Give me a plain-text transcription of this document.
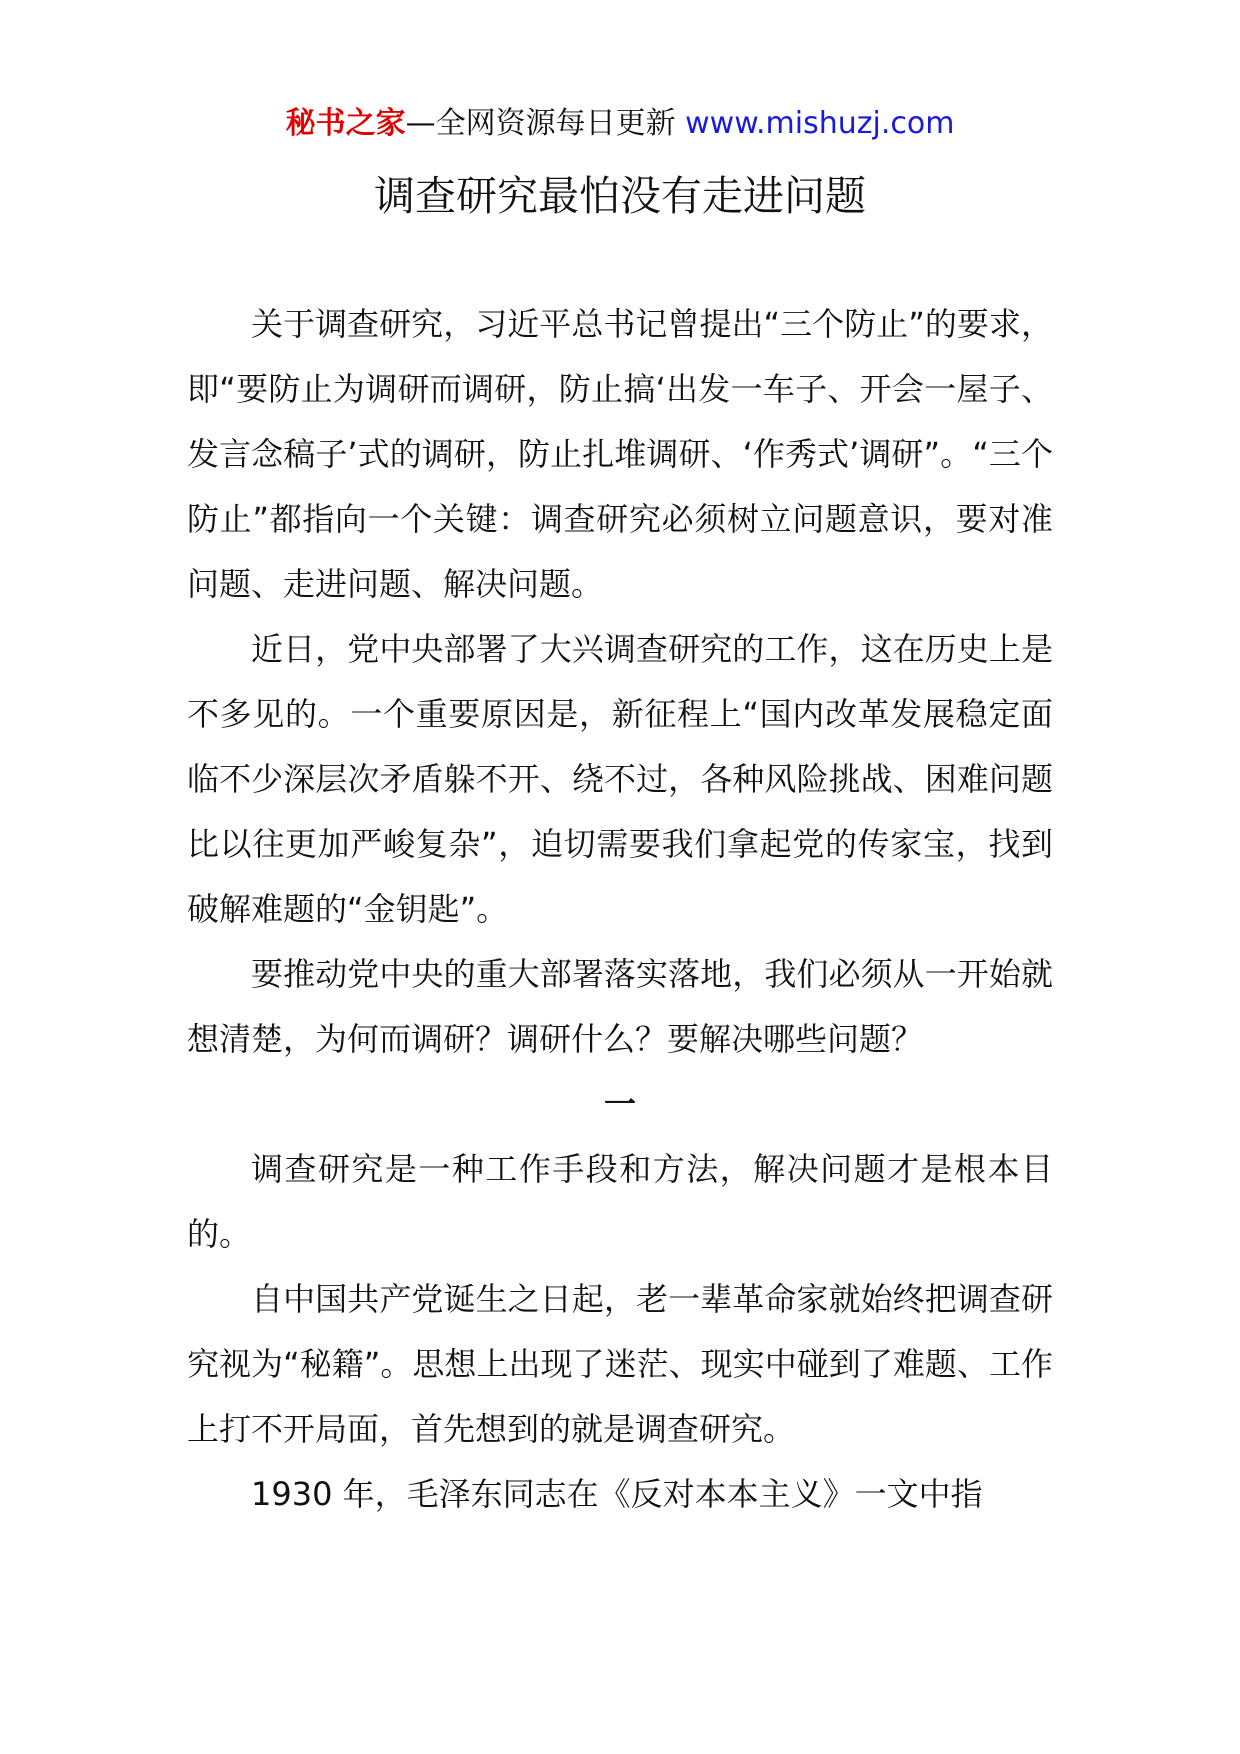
秘书之家—全网资源每日更新 www.mishuzj.com
调查研究最怕没有走进问题

关于调查研究，习近平总书记曾提出“三个防止”的要求，即“要防止为调研而调研，防止搞‘出发一车子、开会一屋子、发言念稿子’式的调研，防止扎堆调研、‘作秀式’调研”。“三个防止”都指向一个关键：调查研究必须树立问题意识，要对准问题、走进问题、解决问题。

近日，党中央部署了大兴调查研究的工作，这在历史上是不多见的。一个重要原因是，新征程上“国内改革发展稳定面临不少深层次矛盾躲不开、绕不过，各种风险挑战、困难问题比以往更加严峻复杂”，迫切需要我们拿起党的传家宝，找到破解难题的“金钥匙”。

要推动党中央的重大部署落实落地，我们必须从一开始就想清楚，为何而调研？调研什么？要解决哪些问题？

一

调查研究是一种工作手段和方法，解决问题才是根本目的。

自中国共产党诞生之日起，老一辈革命家就始终把调查研究视为“秘籍”。思想上出现了迷茫、现实中碰到了难题、工作上打不开局面，首先想到的就是调查研究。

1930 年，毛泽东同志在《反对本本主义》一文中指
